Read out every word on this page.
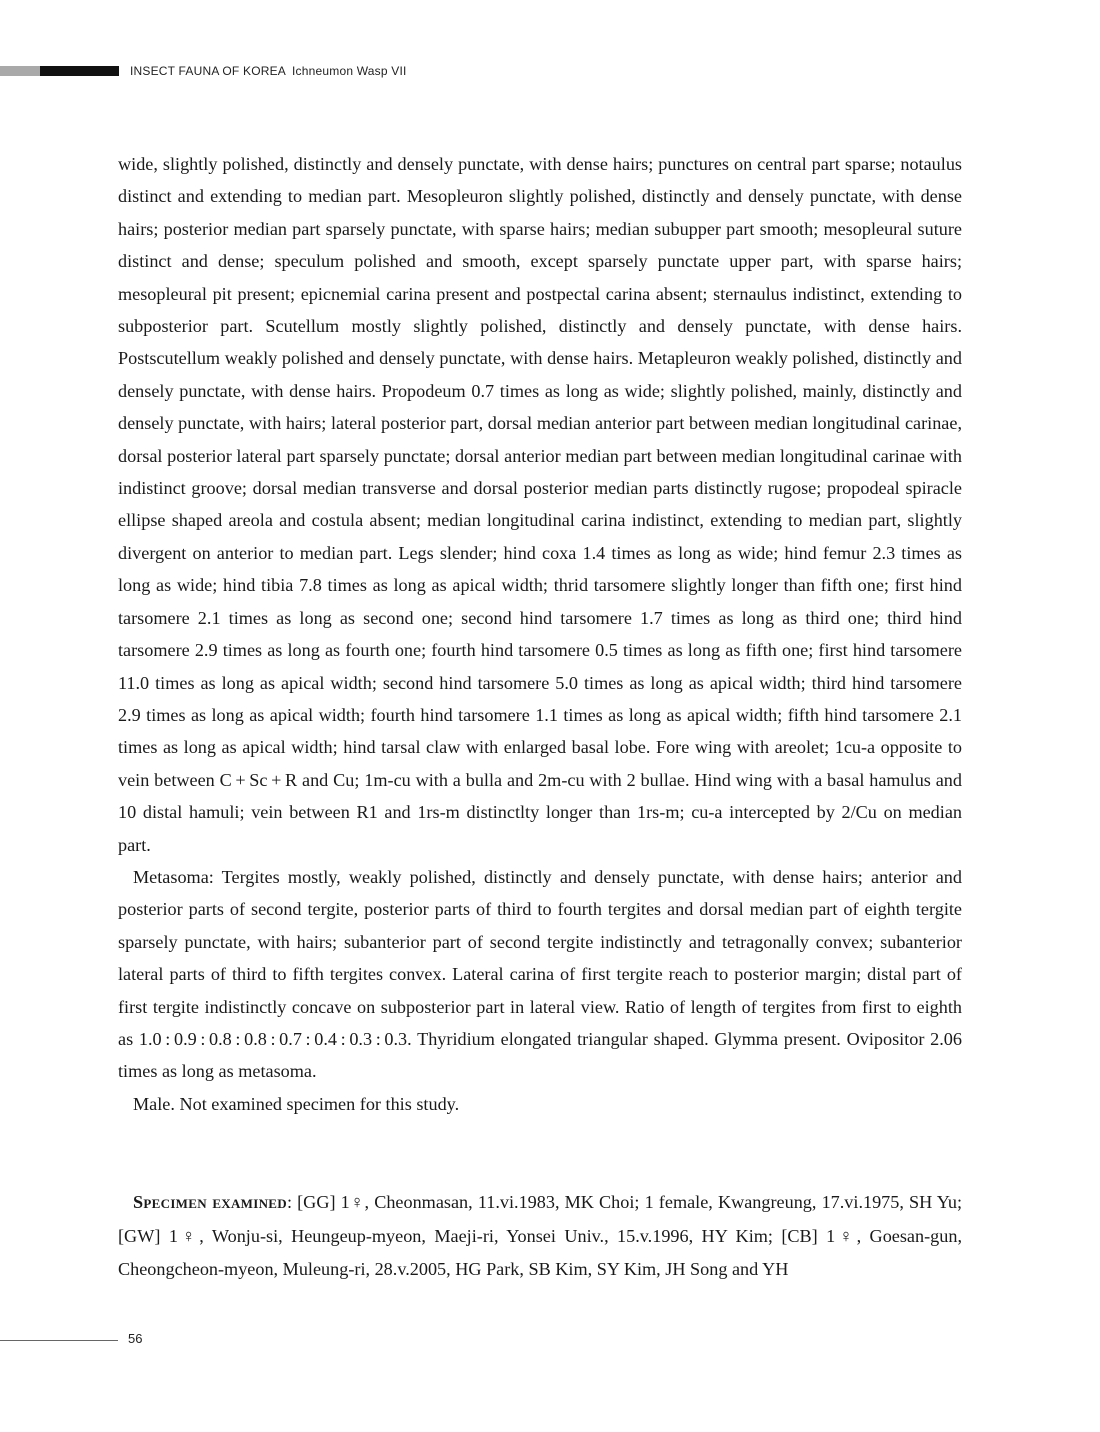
INSECT FAUNA OF KOREA Ichneumon Wasp VII

wide, slightly polished, distinctly and densely punctate, with dense hairs; punctures on central part sparse; notaulus distinct and extending to median part. Mesopleuron slightly polished, distinctly and densely punctate, with dense hairs; posterior median part sparsely punctate, with sparse hairs; median subupper part smooth; mesopleural suture distinct and dense; speculum polished and smooth, except sparsely punctate upper part, with sparse hairs; mesopleural pit present; epicnemial carina present and postpectal carina absent; sternaulus indistinct, extending to subposterior part. Scutellum mostly slightly polished, distinctly and densely punctate, with dense hairs. Postscutellum weakly polished and densely punctate, with dense hairs. Metapleuron weakly polished, distinctly and densely punctate, with dense hairs. Propodeum 0.7 times as long as wide; slightly polished, mainly, distinctly and densely punctate, with hairs; lateral posterior part, dorsal median anterior part between median longitudinal carinae, dorsal posterior lateral part sparsely punctate; dorsal anterior median part between median longitudinal carinae with indistinct groove; dorsal median transverse and dorsal posterior median parts distinctly rugose; propodeal spiracle ellipse shaped areola and costula absent; median longitudinal carina indistinct, extending to median part, slightly divergent on anterior to median part. Legs slender; hind coxa 1.4 times as long as wide; hind femur 2.3 times as long as wide; hind tibia 7.8 times as long as apical width; thrid tarsomere slightly longer than fifth one; first hind tarsomere 2.1 times as long as second one; second hind tarsomere 1.7 times as long as third one; third hind tarsomere 2.9 times as long as fourth one; fourth hind tarsomere 0.5 times as long as fifth one; first hind tarsomere 11.0 times as long as apical width; second hind tarsomere 5.0 times as long as apical width; third hind tarsomere 2.9 times as long as apical width; fourth hind tarsomere 1.1 times as long as apical width; fifth hind tarsomere 2.1 times as long as apical width; hind tarsal claw with enlarged basal lobe. Fore wing with areolet; 1cu-a opposite to vein between C + Sc + R and Cu; 1m-cu with a bulla and 2m-cu with 2 bullae. Hind wing with a basal hamulus and 10 distal hamuli; vein between R1 and 1rs-m distinctlty longer than 1rs-m; cu-a intercepted by 2/Cu on median part.

Metasoma: Tergites mostly, weakly polished, distinctly and densely punctate, with dense hairs; anterior and posterior parts of second tergite, posterior parts of third to fourth tergites and dorsal median part of eighth tergite sparsely punctate, with hairs; subanterior part of second tergite indistinctly and tetragonally convex; subanterior lateral parts of third to fifth tergites convex. Lateral carina of first tergite reach to posterior margin; distal part of first tergite indistinctly concave on subposterior part in lateral view. Ratio of length of tergites from first to eighth as 1.0 : 0.9 : 0.8 : 0.8 : 0.7 : 0.4 : 0.3 : 0.3. Thyridium elongated triangular shaped. Glymma present. Ovipositor 2.06 times as long as metasoma.

Male. Not examined specimen for this study.

Specimen examined: [GG] 1♀, Cheonmasan, 11.vi.1983, MK Choi; 1 female, Kwangreung, 17.vi.1975, SH Yu; [GW] 1♀, Wonju-si, Heungeup-myeon, Maeji-ri, Yonsei Univ., 15.v.1996, HY Kim; [CB] 1♀, Goesan-gun, Cheongcheon-myeon, Muleung-ri, 28.v.2005, HG Park, SB Kim, SY Kim, JH Song and YH

56
